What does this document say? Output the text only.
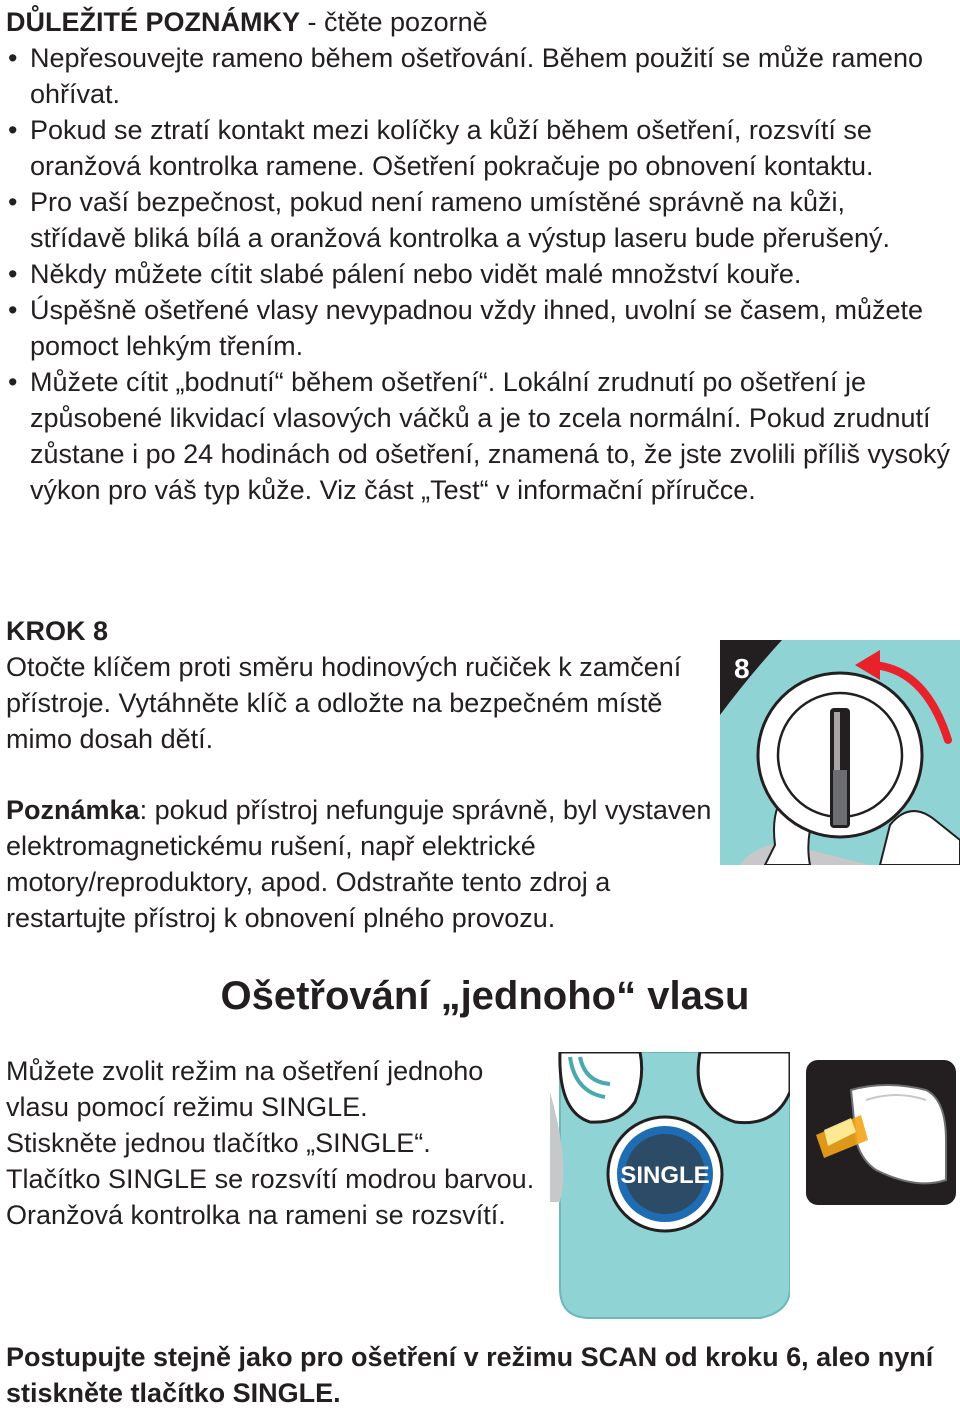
DŮLEŽITÉ POZNÁMKY - čtěte pozorně
• Nepřesouvejte rameno během ošetřování. Během použití se může rameno ohřívat.
• Pokud se ztratí kontakt mezi kolíčky a kůží během ošetření, rozsvítí se oranžová kontrolka ramene. Ošetření pokračuje po obnovení kontaktu.
• Pro vaší bezpečnost, pokud není rameno umístěné správně na kůži, střídavě bliká bílá a oranžová kontrolka a výstup laseru bude přerušený.
• Někdy můžete cítit slabé pálení nebo vidět malé množství kouře.
• Úspěšně ošetřené vlasy nevypadnou vždy ihned, uvolní se časem, můžete pomoct lehkým třením.
• Můžete cítit „bodnutí“ během ošetření“. Lokální zrudnutí po ošetření je způsobené likvidací vlasových váčků a je to zcela normální. Pokud zrudnutí zůstane i po 24 hodinách od ošetření, znamená to, že jste zvolili příliš vysoký výkon pro váš typ kůže. Viz část „Test“ v informační příručce.
KROK 8
Otočte klíčem proti směru hodinových ručiček k zamčení přístroje. Vytáhněte klíč a odložte na bezpečném místě mimo dosah dětí.
8
Poznámka: pokud přístroj nefunguje správně, byl vystaven elektromagnetickému rušení, např elektrické motory/reproduktory, apod. Odstraňte tento zdroj a restartujte přístroj k obnovení plného provozu.
Ošetřování „jednoho“ vlasu
Můžete zvolit režim na ošetření jednoho vlasu pomocí režimu SINGLE.
Stiskněte jednou tlačítko „SINGLE“.
Tlačítko SINGLE se rozsvítí modrou barvou.
Oranžová kontrolka na rameni se rozsvítí.
SINGLE
Postupujte stejně jako pro ošetření v režimu SCAN od kroku 6, aleo nyní stiskněte tlačítko SINGLE.
